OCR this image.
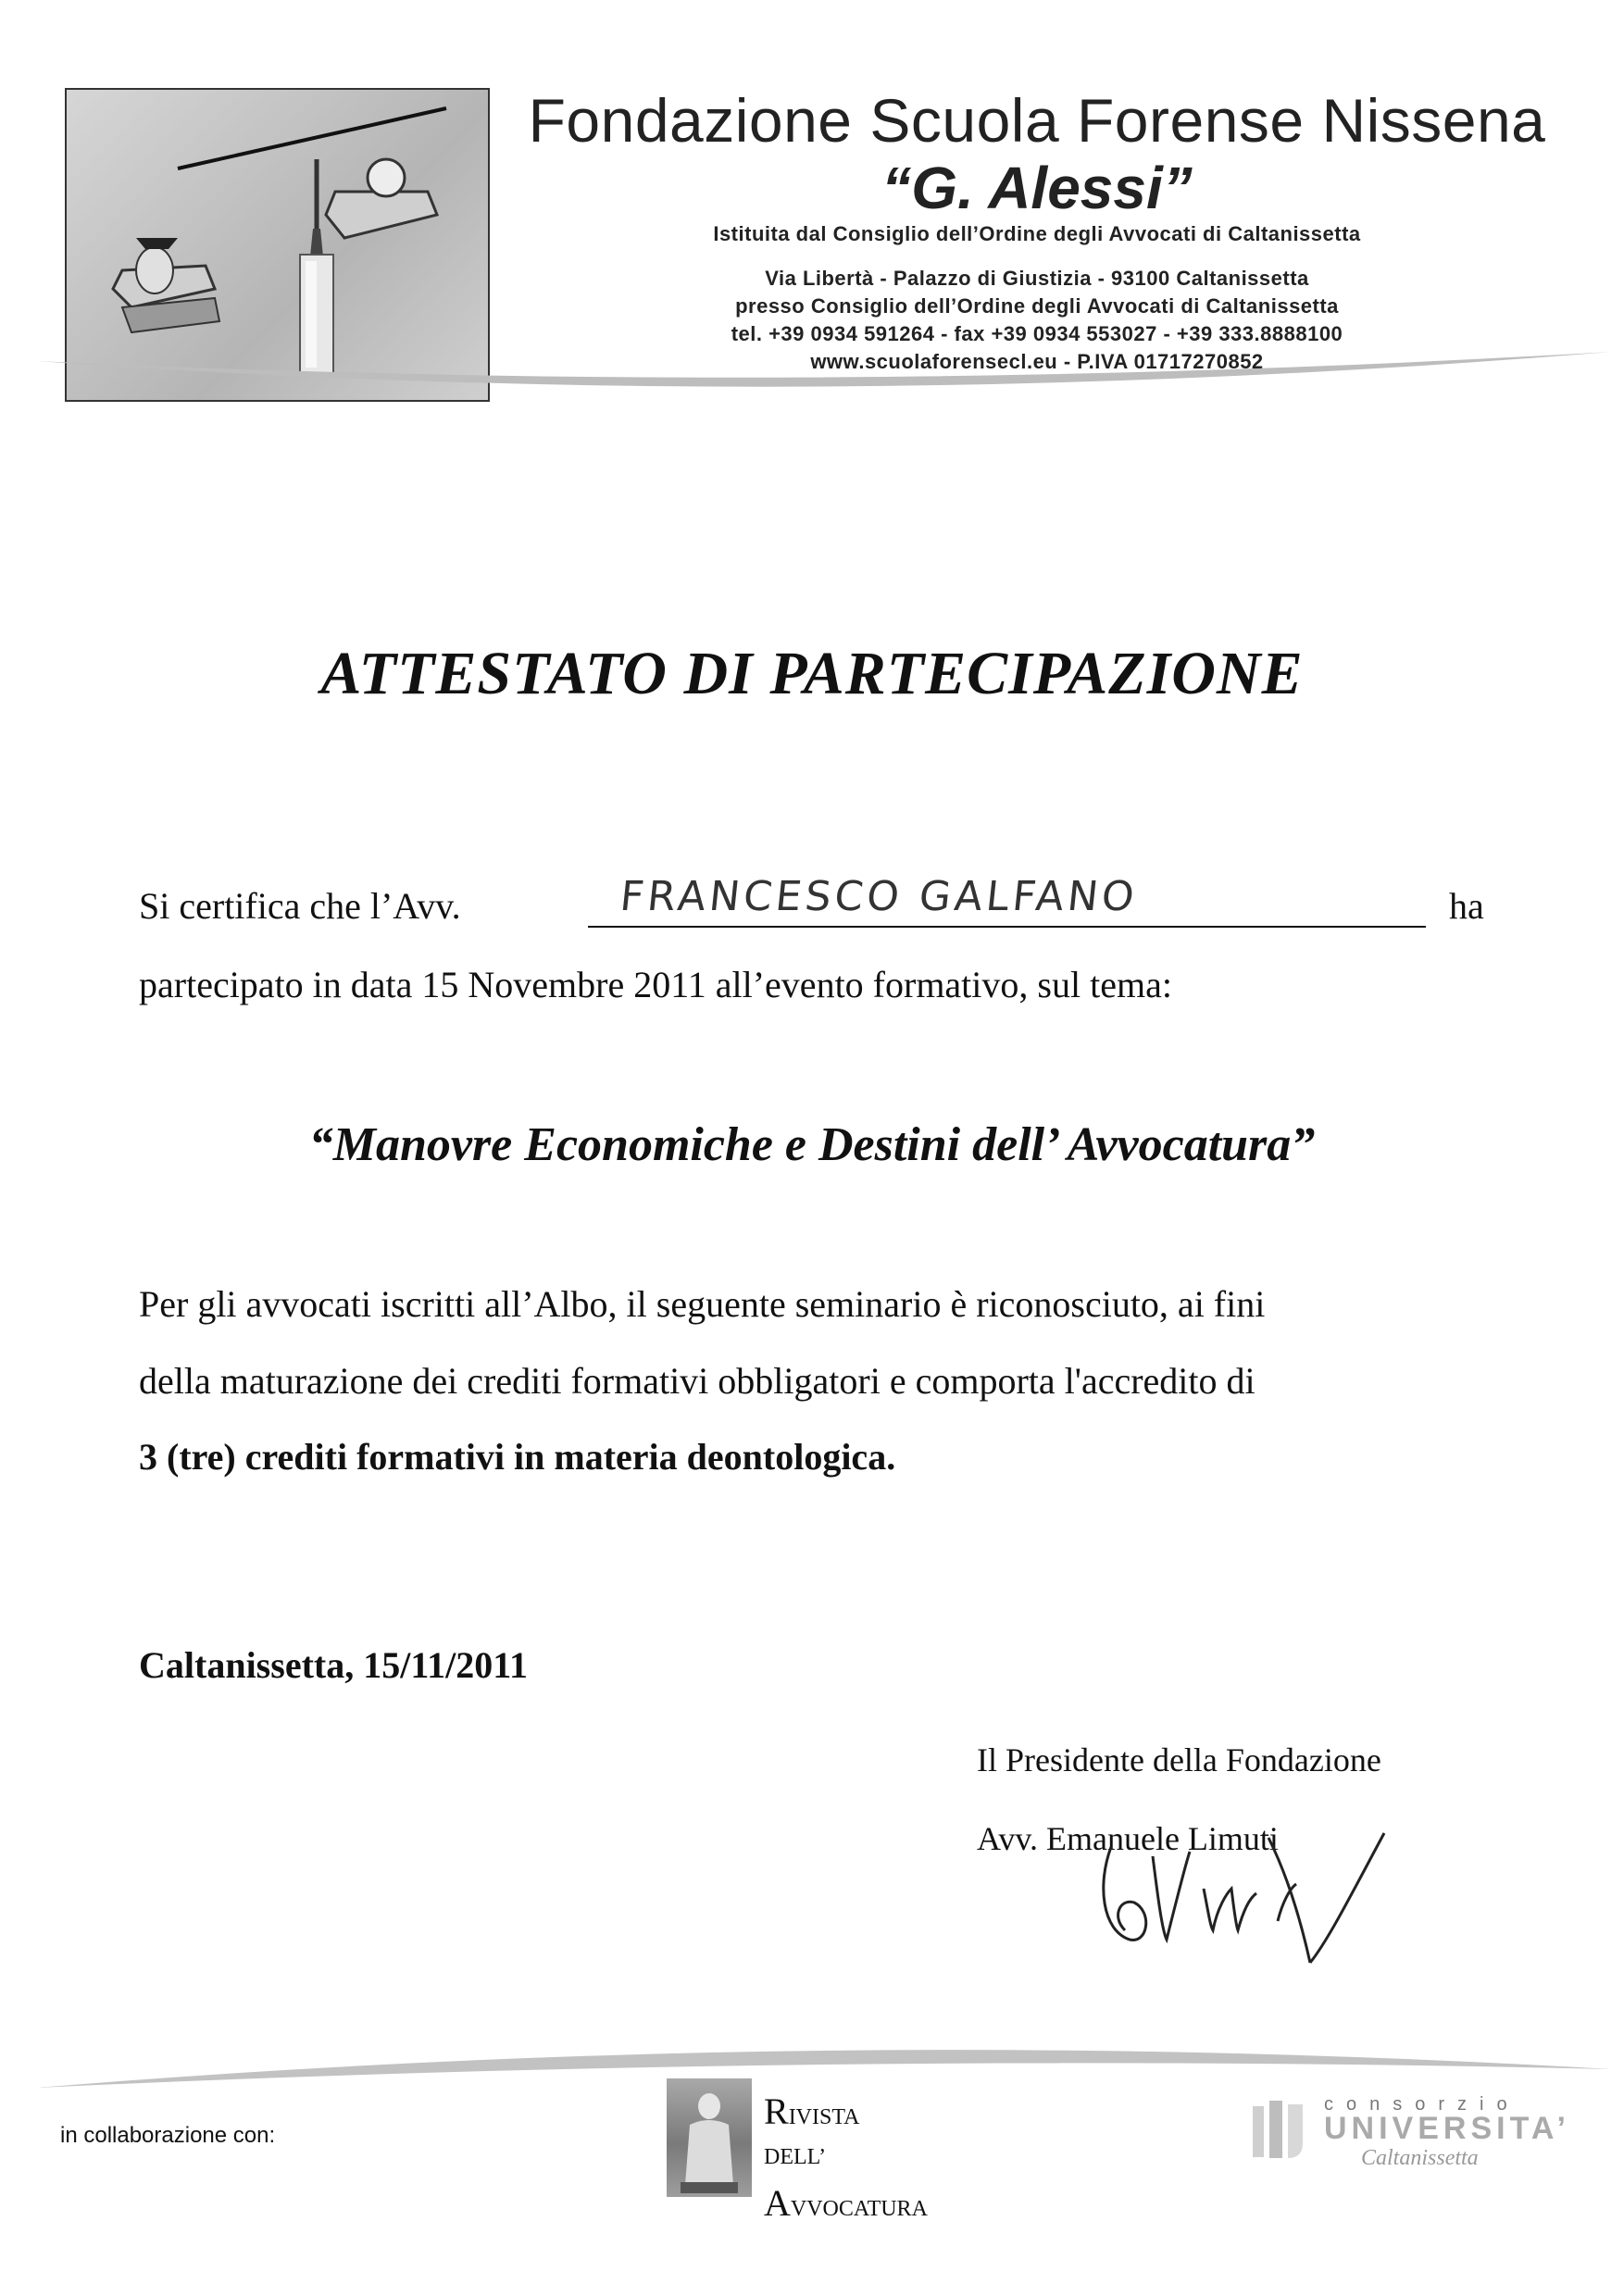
Fondazione Scuola Forense Nissena
“G. Alessi”
Istituita dal Consiglio dell’Ordine degli Avvocati di Caltanissetta
Via Libertà - Palazzo di Giustizia - 93100 Caltanissetta
presso Consiglio dell’Ordine degli Avvocati di Caltanissetta
tel. +39 0934 591264 - fax +39 0934 553027 - +39 333.8888100
www.scuolaforensecl.eu - P.IVA 01717270852
ATTESTATO DI PARTECIPAZIONE
Si certifica che l’Avv.	FRANCESCO GALFANO	ha
partecipato in data 15 Novembre 2011 all’evento formativo, sul tema:
“Manovre Economiche e Destini dell’ Avvocatura”
Per gli avvocati iscritti all’Albo, il seguente seminario è riconosciuto, ai fini
della maturazione dei crediti formativi obbligatori e comporta l'accredito di
3 (tre) crediti formativi in materia deontologica.
Caltanissetta, 15/11/2011
Il Presidente della Fondazione
Avv. Emanuele Limuti
in collaborazione con:
RIVISTA
DELL’
AVVOCATURA
consorzio
UNIVERSITA’
Caltanissetta
